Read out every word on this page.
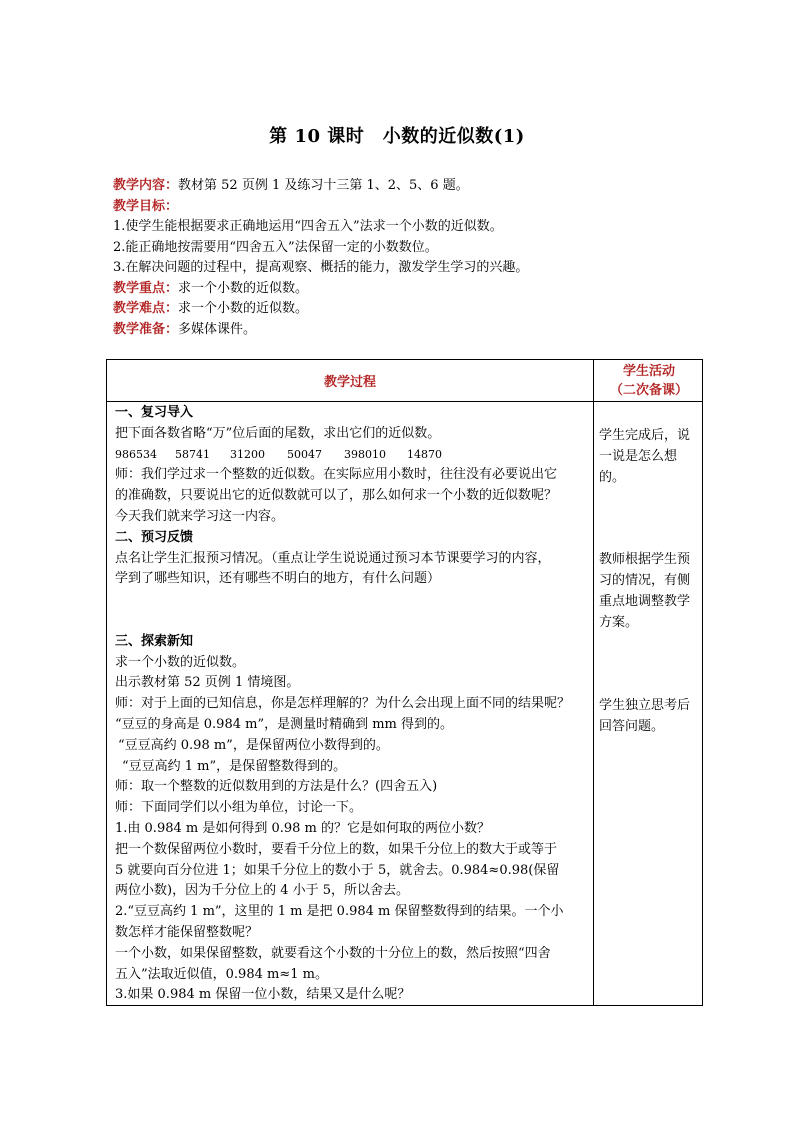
第 10 课时　小数的近似数(1)
教学内容：教材第 52 页例 1 及练习十三第 1、2、5、6 题。
教学目标：
1.使学生能根据要求正确地运用“四舍五入”法求一个小数的近似数。
2.能正确地按需要用“四舍五入”法保留一定的小数数位。
3.在解决问题的过程中，提高观察、概括的能力，激发学生学习的兴趣。
教学重点：求一个小数的近似数。
教学难点：求一个小数的近似数。
教学准备：多媒体课件。
教学过程
学生活动
（二次备课）
一、复习导入
把下面各数省略“万”位后面的尾数，求出它们的近似数。
986534 58741 31200 50047 398010 14870
师：我们学过求一个整数的近似数。在实际应用小数时，往往没有必要说出它
的准确数，只要说出它的近似数就可以了，那么如何求一个小数的近似数呢？
今天我们就来学习这一内容。
二、预习反馈
点名让学生汇报预习情况。（重点让学生说说通过预习本节课要学习的内容，
学到了哪些知识，还有哪些不明白的地方，有什么问题）
三、探索新知
求一个小数的近似数。
出示教材第 52 页例 1 情境图。
师：对于上面的已知信息，你是怎样理解的？为什么会出现上面不同的结果呢？
“豆豆的身高是 0.984 m”，是测量时精确到 mm 得到的。
“豆豆高约 0.98 m”，是保留两位小数得到的。
“豆豆高约 1 m”，是保留整数得到的。
师：取一个整数的近似数用到的方法是什么？(四舍五入)
师：下面同学们以小组为单位，讨论一下。
1.由 0.984 m 是如何得到 0.98 m 的？它是如何取的两位小数？
把一个数保留两位小数时，要看千分位上的数，如果千分位上的数大于或等于
5 就要向百分位进 1；如果千分位上的数小于 5，就舍去。0.984≈0.98(保留
两位小数)，因为千分位上的 4 小于 5，所以舍去。
2.“豆豆高约 1 m”，这里的 1 m 是把 0.984 m 保留整数得到的结果。一个小
数怎样才能保留整数呢？
一个小数，如果保留整数，就要看这个小数的十分位上的数，然后按照“四舍
五入”法取近似值，0.984 m≈1 m。
3.如果 0.984 m 保留一位小数，结果又是什么呢？
学生完成后，说一说是怎么想的。
教师根据学生预习的情况，有侧重点地调整教学方案。
学生独立思考后回答问题。
